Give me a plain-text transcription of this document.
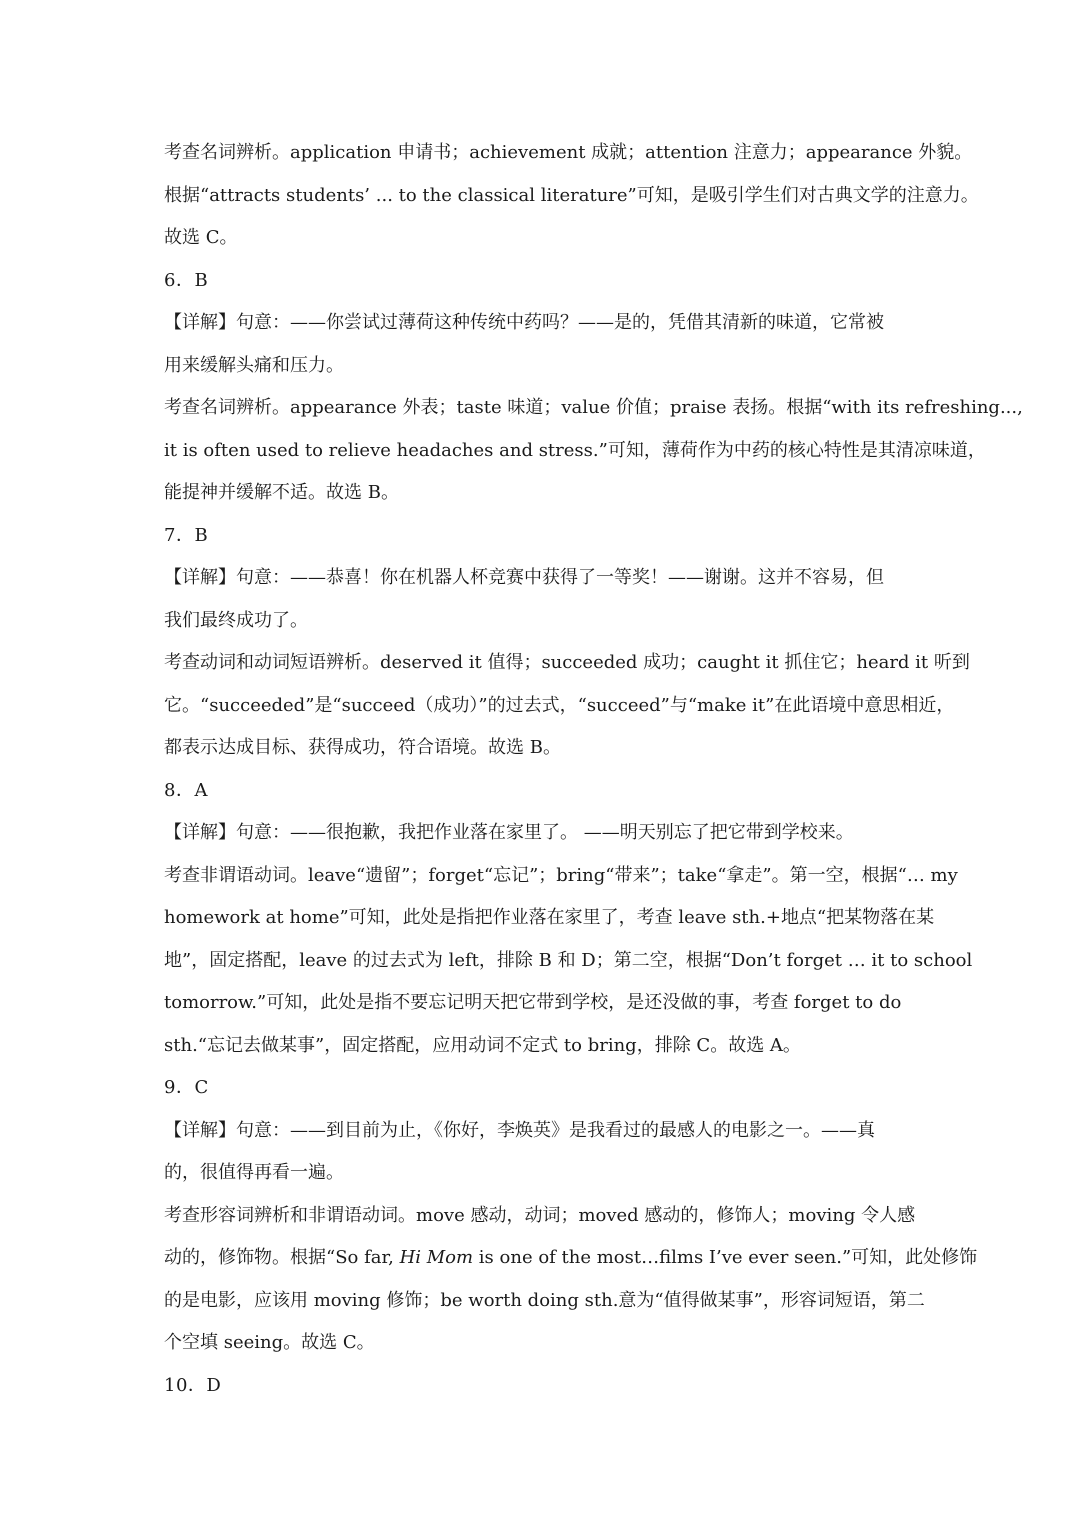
考查名词辨析。application 申请书；achievement 成就；attention 注意力；appearance 外貌。
根据“attracts students’ ... to the classical literature”可知，是吸引学生们对古典文学的注意力。
故选 C。
6．B
【详解】句意：——你尝试过薄荷这种传统中药吗？——是的，凭借其清新的味道，它常被
用来缓解头痛和压力。
考查名词辨析。appearance 外表；taste 味道；value 价值；praise 表扬。根据“with its refreshing...,
it is often used to relieve headaches and stress.”可知，薄荷作为中药的核心特性是其清凉味道，
能提神并缓解不适。故选 B。
7．B
【详解】句意：——恭喜！你在机器人杯竞赛中获得了一等奖！——谢谢。这并不容易，但
我们最终成功了。
考查动词和动词短语辨析。deserved it 值得；succeeded 成功；caught it 抓住它；heard it 听到
它。“succeeded”是“succeed（成功）”的过去式，“succeed”与“make it”在此语境中意思相近，
都表示达成目标、获得成功，符合语境。故选 B。
8．A
【详解】句意：——很抱歉，我把作业落在家里了。 ——明天别忘了把它带到学校来。
考查非谓语动词。leave“遗留”；forget“忘记”；bring“带来”；take“拿走”。第一空，根据“… my
homework at home”可知，此处是指把作业落在家里了，考查 leave sth.+地点“把某物落在某
地”，固定搭配，leave 的过去式为 left，排除 B 和 D；第二空，根据“Don’t forget … it to school
tomorrow.”可知，此处是指不要忘记明天把它带到学校，是还没做的事，考查 forget to do
sth.“忘记去做某事”，固定搭配，应用动词不定式 to bring，排除 C。故选 A。
9．C
【详解】句意：——到目前为止，《你好，李焕英》是我看过的最感人的电影之一。——真
的，很值得再看一遍。
考查形容词辨析和非谓语动词。move 感动，动词；moved 感动的，修饰人；moving 令人感
动的，修饰物。根据“So far, Hi Mom is one of the most…films I’ve ever seen.”可知，此处修饰
的是电影，应该用 moving 修饰；be worth doing sth.意为“值得做某事”，形容词短语，第二
个空填 seeing。故选 C。
10．D
